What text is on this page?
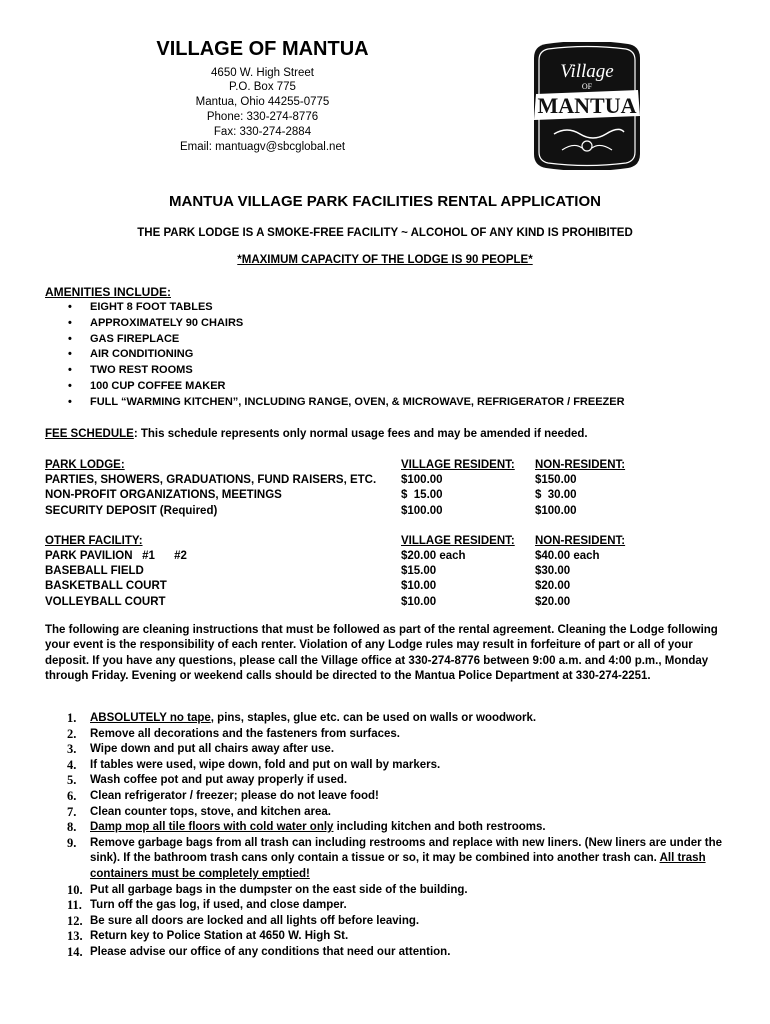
VILLAGE OF MANTUA
4650 W. High Street
P.O. Box 775
Mantua, Ohio 44255-0775
Phone: 330-274-8776
Fax: 330-274-2884
Email: mantuagv@sbcglobal.net
Village
OF
MANTUA
MANTUA VILLAGE PARK FACILITIES RENTAL APPLICATION
THE PARK LODGE IS A SMOKE-FREE FACILITY ~ ALCOHOL OF ANY KIND IS PROHIBITED
*MAXIMUM CAPACITY OF THE LODGE IS 90 PEOPLE*
AMENITIES INCLUDE:
• EIGHT 8 FOOT TABLES
• APPROXIMATELY 90 CHAIRS
• GAS FIREPLACE
• AIR CONDITIONING
• TWO REST ROOMS
• 100 CUP COFFEE MAKER
• FULL “WARMING KITCHEN”, INCLUDING RANGE, OVEN, & MICROWAVE, REFRIGERATOR / FREEZER
FEE SCHEDULE: This schedule represents only normal usage fees and may be amended if needed.
PARK LODGE:	VILLAGE RESIDENT: NON-RESIDENT:
PARTIES, SHOWERS, GRADUATIONS, FUND RAISERS, ETC. $100.00	$150.00
NON-PROFIT ORGANIZATIONS, MEETINGS	$  15.00	$  30.00
SECURITY DEPOSIT (Required)	$100.00	$100.00
OTHER FACILITY:	VILLAGE RESIDENT: NON-RESIDENT:
PARK PAVILION   #1      #2	$20.00 each	$40.00 each
BASEBALL FIELD	$15.00	$30.00
BASKETBALL COURT	$10.00	$20.00
VOLLEYBALL COURT	$10.00	$20.00
The following are cleaning instructions that must be followed as part of the rental agreement. Cleaning the Lodge following your event is the responsibility of each renter. Violation of any Lodge rules may result in forfeiture of part or all of your deposit. If you have any questions, please call the Village office at 330-274-8776 between 9:00 a.m. and 4:00 p.m., Monday through Friday. Evening or weekend calls should be directed to the Mantua Police Department at 330-274-2251.
1. ABSOLUTELY no tape, pins, staples, glue etc. can be used on walls or woodwork.
2. Remove all decorations and the fasteners from surfaces.
3. Wipe down and put all chairs away after use.
4. If tables were used, wipe down, fold and put on wall by markers.
5. Wash coffee pot and put away properly if used.
6. Clean refrigerator / freezer; please do not leave food!
7. Clean counter tops, stove, and kitchen area.
8. Damp mop all tile floors with cold water only including kitchen and both restrooms.
9. Remove garbage bags from all trash can including restrooms and replace with new liners. (New liners are under the sink). If the bathroom trash cans only contain a tissue or so, it may be combined into another trash can. All trash containers must be completely emptied!
10. Put all garbage bags in the dumpster on the east side of the building.
11. Turn off the gas log, if used, and close damper.
12. Be sure all doors are locked and all lights off before leaving.
13. Return key to Police Station at 4650 W. High St.
14. Please advise our office of any conditions that need our attention.
